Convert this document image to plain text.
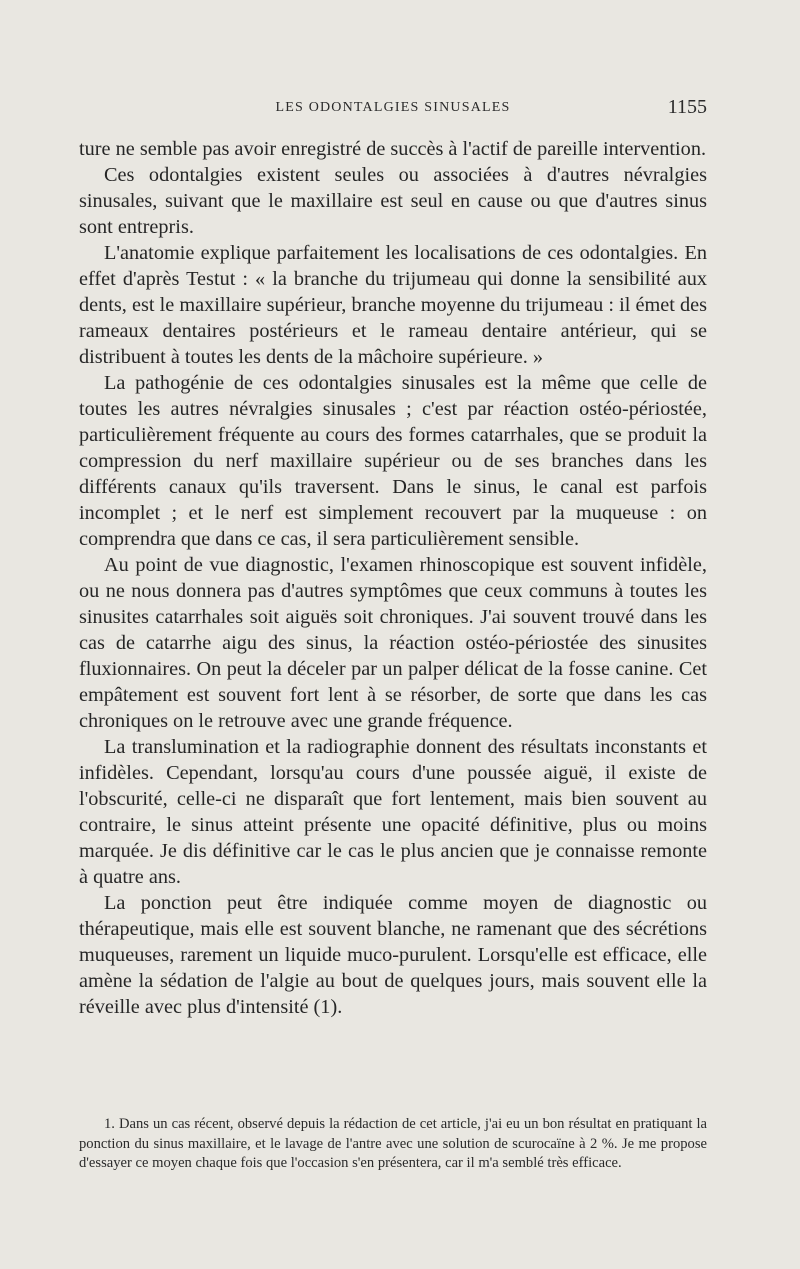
LES ODONTALGIES SINUSALES	1155

ture ne semble pas avoir enregistré de succès à l'actif de pareille intervention.

Ces odontalgies existent seules ou associées à d'autres névralgies sinusales, suivant que le maxillaire est seul en cause ou que d'autres sinus sont entrepris.

L'anatomie explique parfaitement les localisations de ces odontalgies. En effet d'après Testut : « la branche du trijumeau qui donne la sensibilité aux dents, est le maxillaire supérieur, branche moyenne du trijumeau : il émet des rameaux dentaires postérieurs et le rameau dentaire antérieur, qui se distribuent à toutes les dents de la mâchoire supérieure. »

La pathogénie de ces odontalgies sinusales est la même que celle de toutes les autres névralgies sinusales ; c'est par réaction ostéo-périostée, particulièrement fréquente au cours des formes catarrhales, que se produit la compression du nerf maxillaire supérieur ou de ses branches dans les différents canaux qu'ils traversent. Dans le sinus, le canal est parfois incomplet ; et le nerf est simplement recouvert par la muqueuse : on comprendra que dans ce cas, il sera particulièrement sensible.

Au point de vue diagnostic, l'examen rhinoscopique est souvent infidèle, ou ne nous donnera pas d'autres symptômes que ceux communs à toutes les sinusites catarrhales soit aiguës soit chroniques. J'ai souvent trouvé dans les cas de catarrhe aigu des sinus, la réaction ostéo-périostée des sinusites fluxionnaires. On peut la déceler par un palper délicat de la fosse canine. Cet empâtement est souvent fort lent à se résorber, de sorte que dans les cas chroniques on le retrouve avec une grande fréquence.

La translumination et la radiographie donnent des résultats inconstants et infidèles. Cependant, lorsqu'au cours d'une poussée aiguë, il existe de l'obscurité, celle-ci ne disparaît que fort lentement, mais bien souvent au contraire, le sinus atteint présente une opacité définitive, plus ou moins marquée. Je dis définitive car le cas le plus ancien que je connaisse remonte à quatre ans.

La ponction peut être indiquée comme moyen de diagnostic ou thérapeutique, mais elle est souvent blanche, ne ramenant que des sécrétions muqueuses, rarement un liquide muco-purulent. Lorsqu'elle est efficace, elle amène la sédation de l'algie au bout de quelques jours, mais souvent elle la réveille avec plus d'intensité (1).

1. Dans un cas récent, observé depuis la rédaction de cet article, j'ai eu un bon résultat en pratiquant la ponction du sinus maxillaire, et le lavage de l'antre avec une solution de scurocaïne à 2 %. Je me propose d'essayer ce moyen chaque fois que l'occasion s'en présentera, car il m'a semblé très efficace.
